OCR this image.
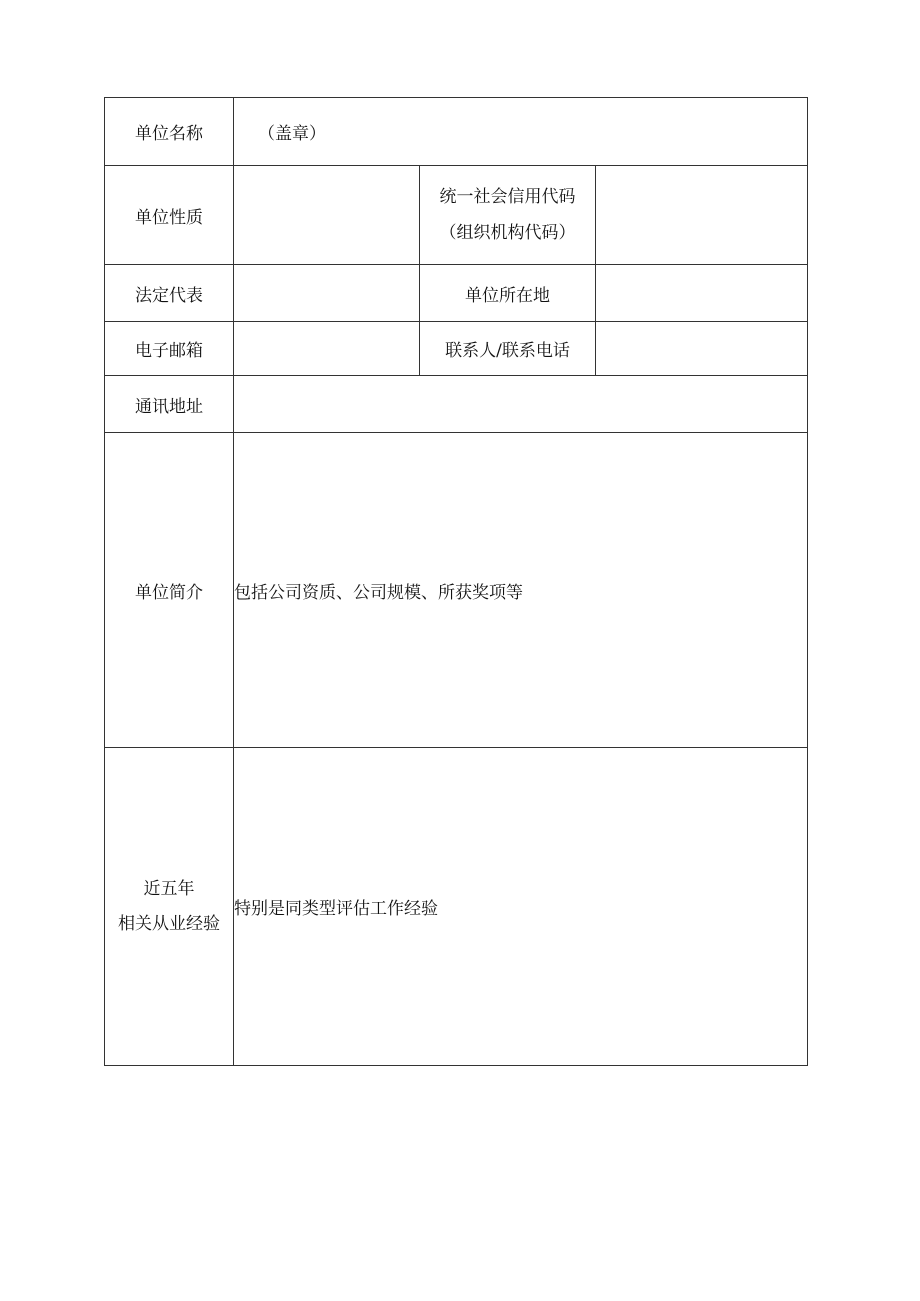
单位名称	（盖章）		
单位性质		统一社会信用代码
（组织机构代码）	

法定代表		单位所在地	
电子邮箱		联系人/联系电话	
通讯地址			
单位简介	包括公司资质、公司规模、所获奖项等		

近五年
相关从业经验	特别是同类型评估工作经验		
